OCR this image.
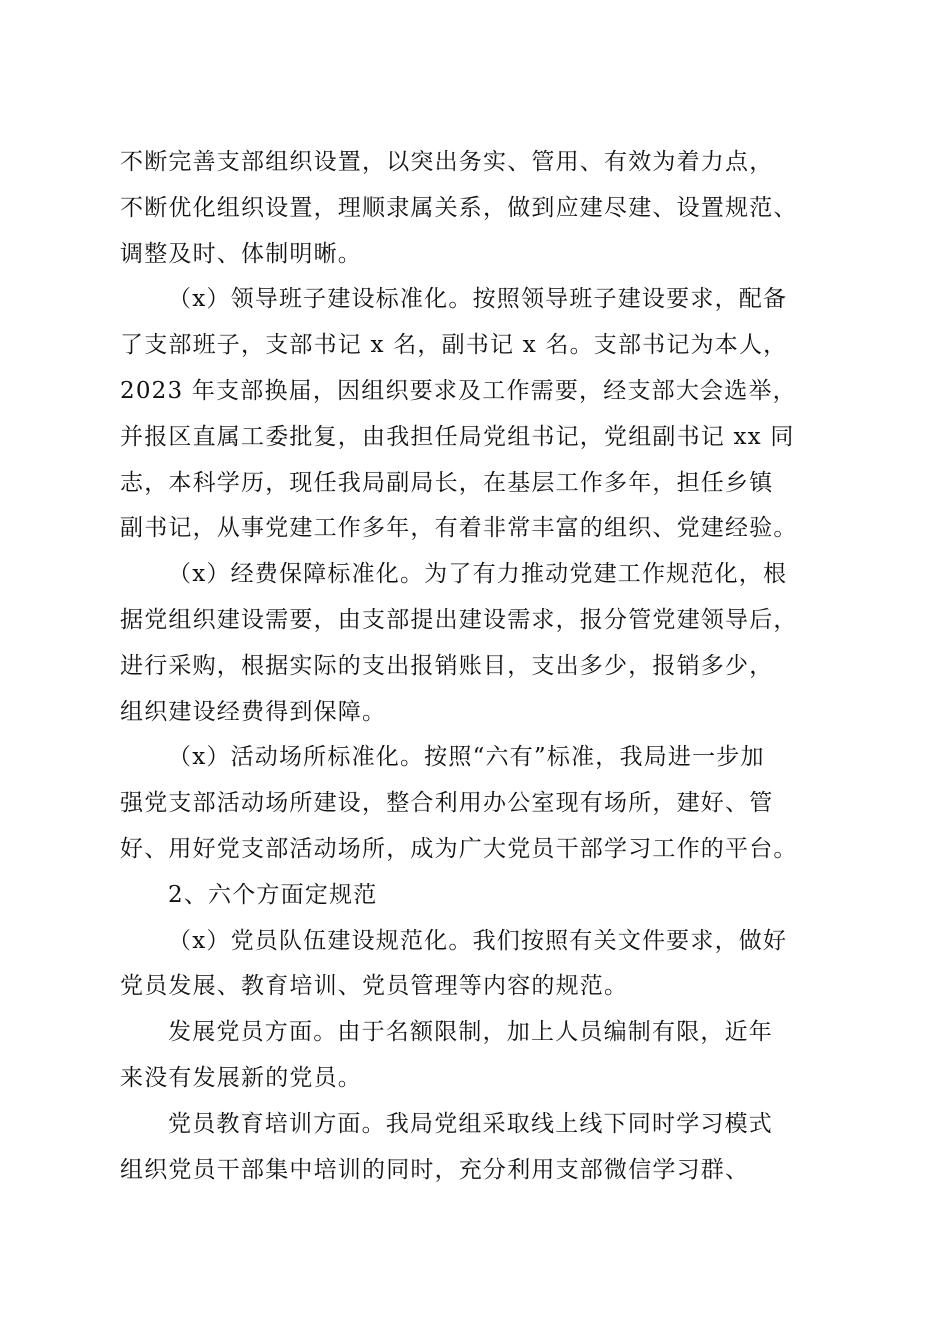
不断完善支部组织设置，以突出务实、管用、有效为着力点，
不断优化组织设置，理顺隶属关系，做到应建尽建、设置规范、
调整及时、体制明晰。
（x）领导班子建设标准化。按照领导班子建设要求，配备
了支部班子，支部书记 x 名，副书记 x 名。支部书记为本人，
2023 年支部换届，因组织要求及工作需要，经支部大会选举，
并报区直属工委批复，由我担任局党组书记，党组副书记 xx 同
志，本科学历，现任我局副局长，在基层工作多年，担任乡镇
副书记，从事党建工作多年，有着非常丰富的组织、党建经验。
（x）经费保障标准化。为了有力推动党建工作规范化，根
据党组织建设需要，由支部提出建设需求，报分管党建领导后，
进行采购，根据实际的支出报销账目，支出多少，报销多少，
组织建设经费得到保障。
（x）活动场所标准化。按照“六有”标准，我局进一步加
强党支部活动场所建设，整合利用办公室现有场所，建好、管
好、用好党支部活动场所，成为广大党员干部学习工作的平台。
2、六个方面定规范
（x）党员队伍建设规范化。我们按照有关文件要求，做好
党员发展、教育培训、党员管理等内容的规范。
发展党员方面。由于名额限制，加上人员编制有限，近年
来没有发展新的党员。
党员教育培训方面。我局党组采取线上线下同时学习模式
组织党员干部集中培训的同时，充分利用支部微信学习群、
